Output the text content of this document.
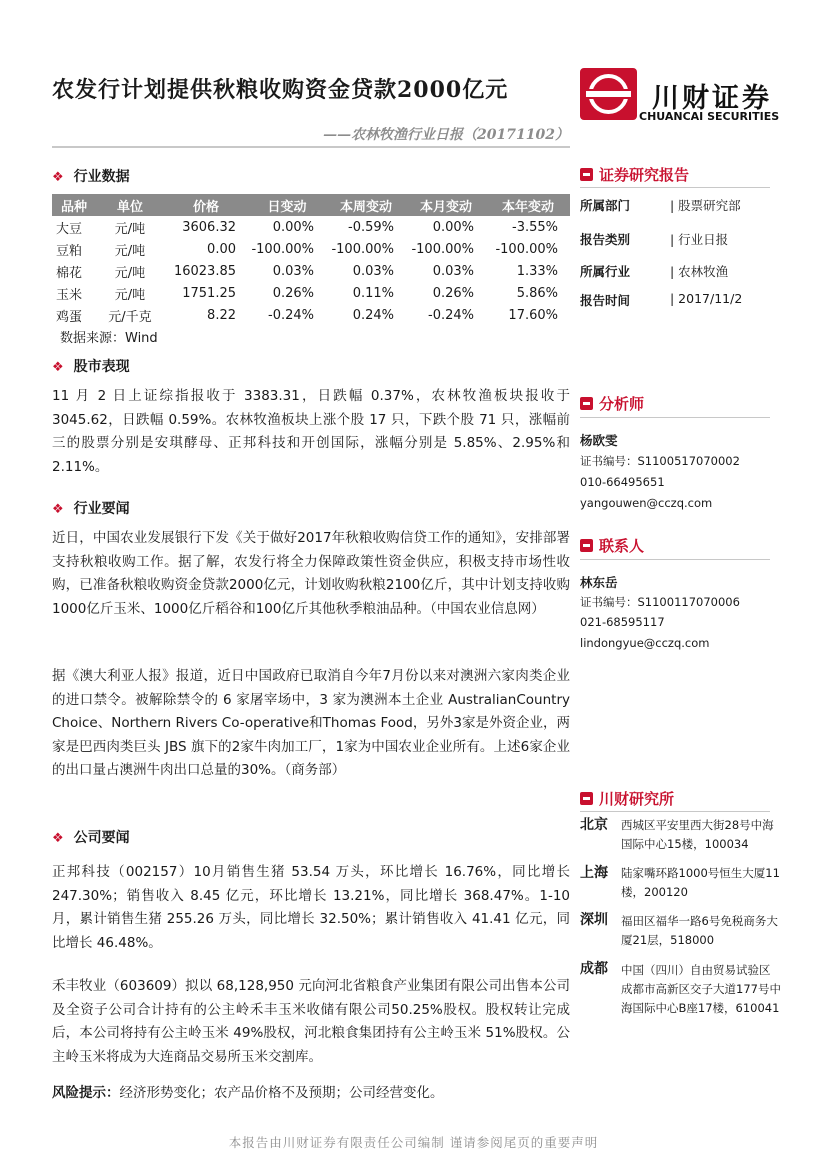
农发行计划提供秋粮收购资金贷款2000亿元
——农林牧渔行业日报（20171102）
川财证券
CHUANCAI SECURITIES
❖ 行业数据
品种	单位	价格	日变动	本周变动	本月变动	本年变动
大豆	元/吨	3606.32	0.00%	-0.59%	0.00%	-3.55%
豆粕	元/吨	0.00	-100.00%	-100.00%	-100.00%	-100.00%
棉花	元/吨	16023.85	0.03%	0.03%	0.03%	1.33%
玉米	元/吨	1751.25	0.26%	0.11%	0.26%	5.86%
鸡蛋	元/千克	8.22	-0.24%	0.24%	-0.24%	17.60%
数据来源：Wind
❖ 股市表现
11 月 2 日上证综指报收于 3383.31，日跌幅 0.37%，农林牧渔板块报收于 3045.62，日跌幅 0.59%。农林牧渔板块上涨个股 17 只，下跌个股 71 只，涨幅前三的股票分别是安琪酵母、正邦科技和开创国际，涨幅分别是 5.85%、2.95%和 2.11%。
❖ 行业要闻
近日，中国农业发展银行下发《关于做好2017年秋粮收购信贷工作的通知》，安排部署支持秋粮收购工作。据了解，农发行将全力保障政策性资金供应，积极支持市场性收购，已准备秋粮收购资金贷款2000亿元，计划收购秋粮2100亿斤，其中计划支持收购1000亿斤玉米、1000亿斤稻谷和100亿斤其他秋季粮油品种。（中国农业信息网）
据《澳大利亚人报》报道，近日中国政府已取消自今年7月份以来对澳洲六家肉类企业的进口禁令。被解除禁令的 6 家屠宰场中，3 家为澳洲本土企业 AustralianCountry Choice、Northern Rivers Co-operative和Thomas Food，另外3家是外资企业，两家是巴西肉类巨头 JBS 旗下的2家牛肉加工厂，1家为中国农业企业所有。上述6家企业的出口量占澳洲牛肉出口总量的30%。（商务部）
❖ 公司要闻
正邦科技（002157）10月销售生猪 53.54 万头，环比增长 16.76%，同比增长 247.30%；销售收入 8.45 亿元，环比增长 13.21%，同比增长 368.47%。1-10 月，累计销售生猪 255.26 万头，同比增长 32.50%；累计销售收入 41.41 亿元，同比增长 46.48%。
禾丰牧业（603609）拟以 68,128,950 元向河北省粮食产业集团有限公司出售本公司及全资子公司合计持有的公主岭禾丰玉米收储有限公司50.25%股权。股权转让完成后，本公司将持有公主岭玉米 49%股权，河北粮食集团持有公主岭玉米 51%股权。公主岭玉米将成为大连商品交易所玉米交割库。
风险提示：经济形势变化；农产品价格不及预期；公司经营变化。
证券研究报告
所属部门	| 股票研究部
报告类别	| 行业日报
所属行业	| 农林牧渔
报告时间	| 2017/11/2
分析师
杨欧雯
证书编号：S1100517070002
010-66495651
yangouwen@cczq.com
联系人
林东岳
证书编号：S1100117070006
021-68595117
lindongyue@cczq.com
川财研究所
北京 西城区平安里西大街28号中海国际中心15楼，100034
上海 陆家嘴环路1000号恒生大厦11楼，200120
深圳 福田区福华一路6号免税商务大厦21层，518000
成都 中国（四川）自由贸易试验区成都市高新区交子大道177号中海国际中心B座17楼，610041
本报告由川财证券有限责任公司编制 谨请参阅尾页的重要声明
